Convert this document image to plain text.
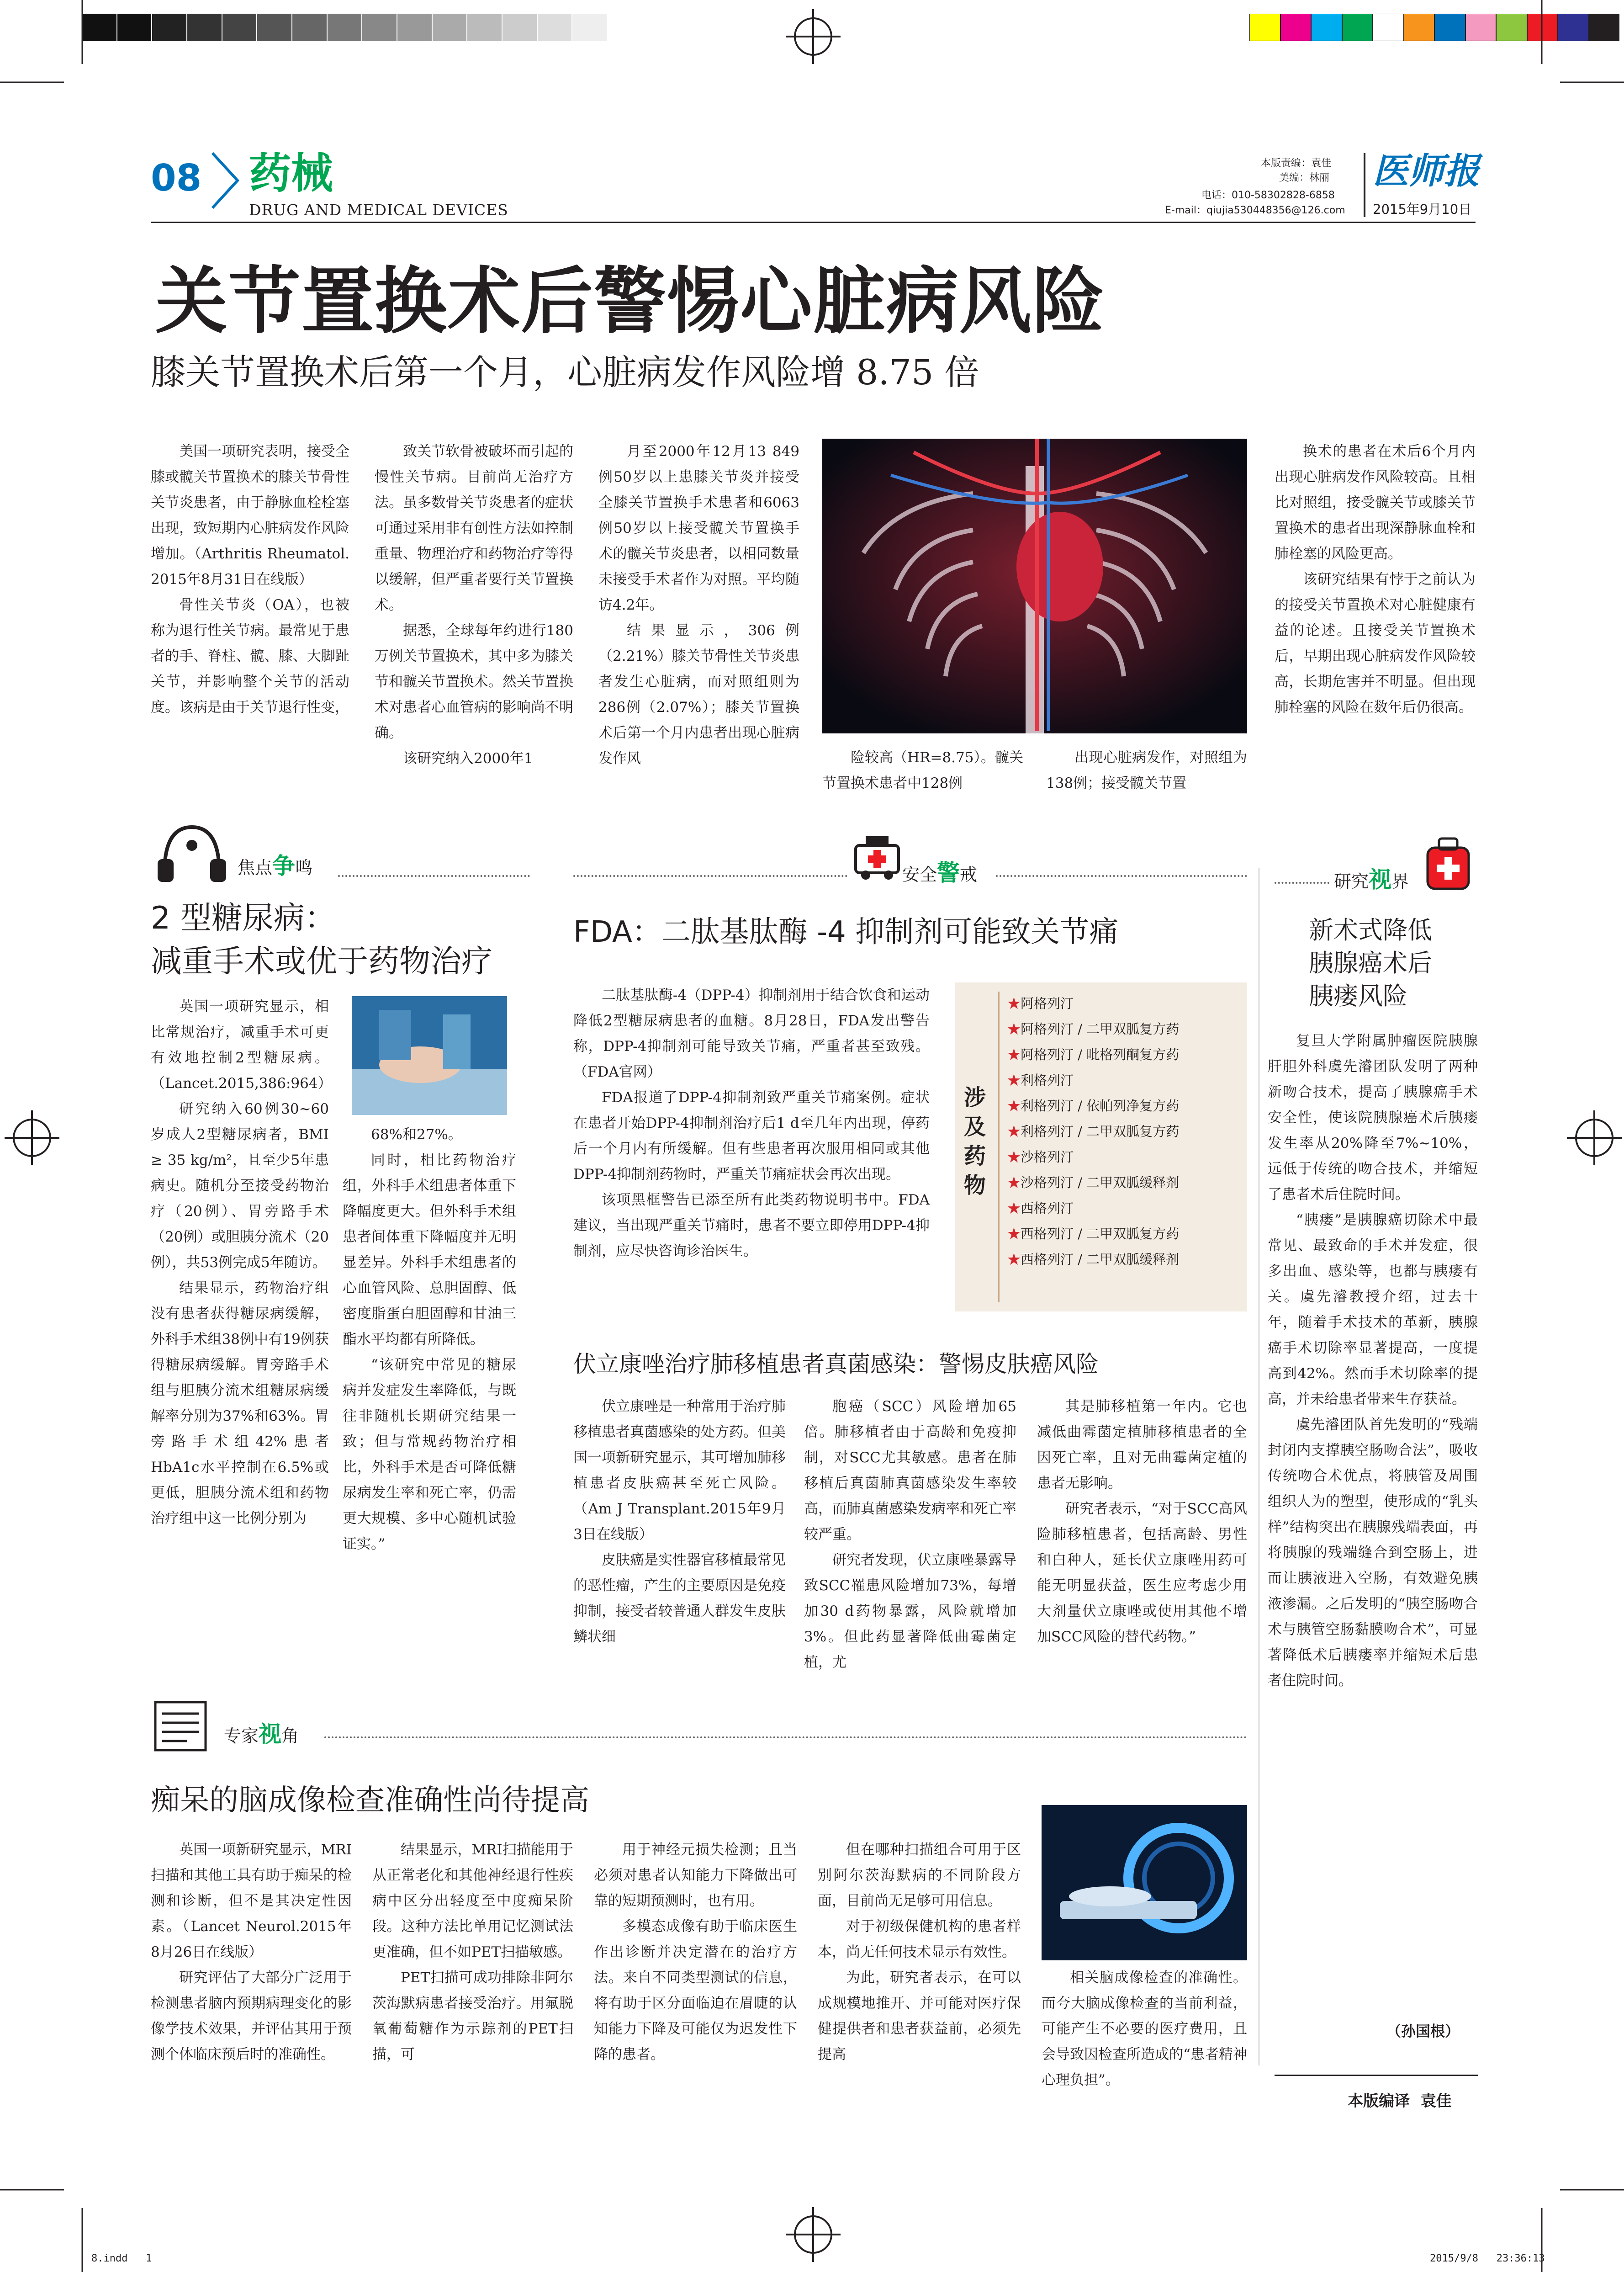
08 药械
DRUG AND MEDICAL DEVICES
本版责编：袁佳
美编：林丽
电话：010-58302828-6858
E-mail：qiujia530448356@126.com
医师报
2015年9月10日
关节置换术后警惕心脏病风险
膝关节置换术后第一个月，心脏病发作风险增 8.75 倍

美国一项研究表明，接受全膝或髋关节置换术的膝关节骨性关节炎患者，由于静脉血栓栓塞出现，致短期内心脏病发作风险增加。（Arthritis Rheumatol. 2015年8月31日在线版）

骨性关节炎（OA），也被称为退行性关节病。最常见于患者的手、脊柱、髋、膝、大脚趾关节，并影响整个关节的活动度。该病是由于关节退行性变，

致关节软骨被破坏而引起的慢性关节病。目前尚无治疗方法。虽多数骨关节炎患者的症状可通过采用非有创性方法如控制重量、物理治疗和药物治疗等得以缓解，但严重者要行关节置换术。

据悉，全球每年约进行180万例关节置换术，其中多为膝关节和髋关节置换术。然关节置换术对患者心血管病的影响尚不明确。

该研究纳入2000年1

月至2000年12月13 849例50岁以上患膝关节炎并接受全膝关节置换手术患者和6063例50岁以上接受髋关节置换手术的髋关节炎患者，以相同数量未接受手术者作为对照。平均随访4.2年。

结果显示，306例（2.21%）膝关节骨性关节炎患者发生心脏病，而对照组则为286例（2.07%）；膝关节置换术后第一个月内患者出现心脏病发作风	险较高（HR=8.75）。髋关节置换术患者中128例

出现心脏病发作，对照组为138例；接受髋关节置

换术的患者在术后6个月内出现心脏病发作风险较高。且相比对照组，接受髋关节或膝关节置换术的患者出现深静脉血栓和肺栓塞的风险更高。

该研究结果有悖于之前认为的接受关节置换术对心脏健康有益的论述。且接受关节置换术后，早期出现心脏病发作风险较高，长期危害并不明显。但出现肺栓塞的风险在数年后仍很高。

焦点争鸣
2 型糖尿病：
减重手术或优于药物治疗

英国一项研究显示，相比常规治疗，减重手术可更有效地控制2型糖尿病。（Lancet.2015,386:964）

研究纳入60例30~60岁成人2型糖尿病者，BMI ≥ 35 kg/m²，且至少5年患病史。随机分至接受药物治疗（20例）、胃旁路手术（20例）或胆胰分流术（20例），共53例完成5年随访。

结果显示，药物治疗组没有患者获得糖尿病缓解，外科手术组38例中有19例获得糖尿病缓解。胃旁路手术组与胆胰分流术组糖尿病缓解率分别为37%和63%。胃旁路手术组42%患者HbA1c水平控制在6.5%或更低，胆胰分流术组和药物治疗组中这一比例分别为

68%和27%。

同时，相比药物治疗组，外科手术组患者体重下降幅度更大。但外科手术组患者间体重下降幅度并无明显差异。外科手术组患者的心血管风险、总胆固醇、低密度脂蛋白胆固醇和甘油三酯水平均都有所降低。

“该研究中常见的糖尿病并发症发生率降低，与既往非随机长期研究结果一致；但与常规药物治疗相比，外科手术是否可降低糖尿病发生率和死亡率，仍需更大规模、多中心随机试验证实。”

安全警戒
FDA：二肽基肽酶 -4 抑制剂可能致关节痛

二肽基肽酶-4（DPP-4）抑制剂用于结合饮食和运动降低2型糖尿病患者的血糖。8月28日，FDA发出警告称，DPP-4抑制剂可能导致关节痛，严重者甚至致残。（FDA官网）

FDA报道了DPP-4抑制剂致严重关节痛案例。症状在患者开始DPP-4抑制剂治疗后1 d至几年内出现，停药后一个月内有所缓解。但有些患者再次服用相同或其他DPP-4抑制剂药物时，严重关节痛症状会再次出现。

该项黑框警告已添至所有此类药物说明书中。FDA建议，当出现严重关节痛时，患者不要立即停用DPP-4抑制剂，应尽快咨询诊治医生。

涉及药物
★阿格列汀
★阿格列汀 / 二甲双胍复方药
★阿格列汀 / 吡格列酮复方药
★利格列汀
★利格列汀 / 依帕列净复方药
★利格列汀 / 二甲双胍复方药
★沙格列汀
★沙格列汀 / 二甲双胍缓释剂
★西格列汀
★西格列汀 / 二甲双胍复方药
★西格列汀 / 二甲双胍缓释剂
伏立康唑治疗肺移植患者真菌感染：警惕皮肤癌风险

伏立康唑是一种常用于治疗肺移植患者真菌感染的处方药。但美国一项新研究显示，其可增加肺移植患者皮肤癌甚至死亡风险。（Am J Transplant.2015年9月3日在线版）

皮肤癌是实性器官移植最常见的恶性瘤，产生的主要原因是免疫抑制，接受者较普通人群发生皮肤鳞状细

胞癌（SCC）风险增加65倍。肺移植者由于高龄和免疫抑制，对SCC尤其敏感。患者在肺移植后真菌肺真菌感染发生率较高，而肺真菌感染发病率和死亡率较严重。

研究者发现，伏立康唑暴露导致SCC罹患风险增加73%，每增加30 d药物暴露，风险就增加3%。但此药显著降低曲霉菌定植，尤

其是肺移植第一年内。它也减低曲霉菌定植肺移植患者的全因死亡率，且对无曲霉菌定植的患者无影响。

研究者表示，“对于SCC高风险肺移植患者，包括高龄、男性和白种人，延长伏立康唑用药可能无明显获益，医生应考虑少用大剂量伏立康唑或使用其他不增加SCC风险的替代药物。”

研究视界
新术式降低
胰腺癌术后
胰瘘风险

复旦大学附属肿瘤医院胰腺肝胆外科虞先濬团队发明了两种新吻合技术，提高了胰腺癌手术安全性，使该院胰腺癌术后胰瘘发生率从20%降至7%~10%，远低于传统的吻合技术，并缩短了患者术后住院时间。

“胰瘘”是胰腺癌切除术中最常见、最致命的手术并发症，很多出血、感染等，也都与胰瘘有关。虞先濬教授介绍，过去十年，随着手术技术的革新，胰腺癌手术切除率显著提高，一度提高到42%。然而手术切除率的提高，并未给患者带来生存获益。

虞先濬团队首先发明的“残端封闭内支撑胰空肠吻合法”，吸收传统吻合术优点，将胰管及周围组织人为的塑型，使形成的“乳头样”结构突出在胰腺残端表面，再将胰腺的残端缝合到空肠上，进而让胰液进入空肠，有效避免胰液渗漏。之后发明的“胰空肠吻合术与胰管空肠黏膜吻合术”，可显著降低术后胰瘘率并缩短术后患者住院时间。

（孙国根）
专家视角
痴呆的脑成像检查准确性尚待提高

英国一项新研究显示，MRI扫描和其他工具有助于痴呆的检测和诊断，但不是其决定性因素。（Lancet Neurol.2015年8月26日在线版）

研究评估了大部分广泛用于检测患者脑内预期病理变化的影像学技术效果，并评估其用于预测个体临床预后时的准确性。

结果显示，MRI扫描能用于从正常老化和其他神经退行性疾病中区分出轻度至中度痴呆阶段。这种方法比单用记忆测试法更准确，但不如PET扫描敏感。

PET扫描可成功排除非阿尔茨海默病患者接受治疗。用氟脱氧葡萄糖作为示踪剂的PET扫描，可

用于神经元损失检测；且当必须对患者认知能力下降做出可靠的短期预测时，也有用。

多模态成像有助于临床医生作出诊断并决定潜在的治疗方法。来自不同类型测试的信息，将有助于区分面临迫在眉睫的认知能力下降及可能仅为迟发性下降的患者。

但在哪种扫描组合可用于区别阿尔茨海默病的不同阶段方面，目前尚无足够可用信息。

对于初级保健机构的患者样本，尚无任何技术显示有效性。

为此，研究者表示，在可以成规模地推开、并可能对医疗保健提供者和患者获益前，必须先提高

相关脑成像检查的准确性。而夸大脑成像检查的当前利益，可能产生不必要的医疗费用，且会导致因检查所造成的“患者精神心理负担”。

本版编译  袁佳
8.indd   1	2015/9/8   23:36:13
